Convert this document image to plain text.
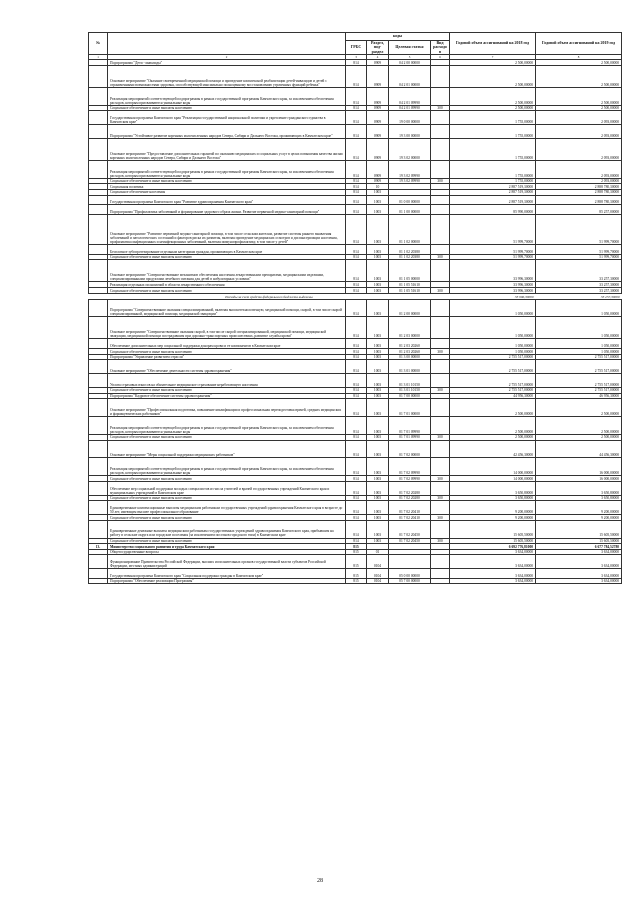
№		коды				Годовой объем ассигнований на 2018 год	Годовой объем ассигнований на 2019 год
		ГРБС	Раздел, под-раздел	Целевая статья	Вид расходов		
1	2	3	4	5	6	7	8
	Подпрограмма "Дети - инвалиды"	814	0909	04 2 00 00000		2 500,00000	2 500,00000
	Основное мероприятие "Оказание своевременной медицинской помощи и проведение комплексной реабилитации детей-инвалидов и детей с ограниченными возможностями здоровья, способствующей максимально полноценному восстановлению утраченных функций ребенка"	814	0909	04 2 01 00000		2 500,00000	2 500,00000
	Реализация мероприятий соответствующей подпрограммы в рамках государственной программы Камчатского края, за исключением обеспечения расходов, которым присваиваются уникальные коды	814	0909	04 2 01 09990		2 500,00000	2 500,00000
	Социальное обеспечение и иные выплаты населению	814	0909	04 2 01 09990	300	2 500,00000	2 500,00000
	Государственная программа Камчатского края "Реализация государственной национальной политики и укрепление гражданского единства в Камчатском крае"	814	0909	19 0 00 00000		1 755,00000	2 093,00000
	Подпрограмма "Устойчивое развитие коренных малочисленных народов Севера, Сибири и Дальнего Востока, проживающих в Камчатском крае"	814	0909	19 3 00 00000		1 755,00000	2 093,00000
	Основное мероприятие "Предоставление дополнительных гарантий по оказанию медицинских и социальных услуг в целях повышения качества жизни коренных малочисленных народов Севера, Сибири и Дальнего Востока"	814	0909	19 3 02 00000		1 755,00000	2 093,00000
	Реализация мероприятий соответствующей подпрограммы в рамках государственной программы Камчатского края, за исключением обеспечения расходов, которым присваиваются уникальные коды	814	0909	19 3 02 09990		1 755,00000	2 093,00000
	Социальное обеспечение и иные выплаты населению	814	0909	19 3 02 09990	300	1 755,00000	2 093,00000
	Социальная политика	814	10			2 887 519,30000	2 888 780,30000
	Социальное обеспечение населения	814	1003			2 887 519,30000	2 888 780,30000
	Государственная программа Камчатского края "Развитие здравоохранения Камчатского края"	814	1003	01 0 00 00000		2 887 519,30000	2 888 780,30000
	Подпрограмма "Профилактика заболеваний и формирование здорового образа жизни. Развитие первичной медико-санитарной помощи"	814	1003	01 1 00 00000		85 990,00000	85 257,00000
	Основное мероприятие "Развитие первичной медико-санитарной помощи, в том числе сельским жителям, развитие системы раннего выявления заболеваний и патологических состояний и факторов риска их развития, включая проведение медицинских осмотров и диспансеризации населения, профилактика инфекционных и неинфекционных заболеваний, включая иммунопрофилактику, в том числе у детей"	814	1003	01 1 02 00000		51 999,70000	51 999,70000
	Бесплатное зубопротезирование отдельным категориям граждан, проживающих в Камчатском крае	814	1003	01 1 02 20380		51 999,70000	51 999,70000
	Социальное обеспечение и иные выплаты населению	814	1003	01 1 02 20380	300	51 999,70000	51 999,70000
	Основное мероприятие "Совершенствование механизмов обеспечения населения лекарственными препаратами, медицинскими изделиями, специализированными продуктами лечебного питания для детей в амбулаторных условиях"	814	1003	01 1 05 00000		33 996,30000	33 257,30000
	Реализация отдельных полномочий в области лекарственного обеспечения	814	1003	01 1 05 51610		33 996,30000	33 257,30000
	Социальное обеспечение и иные выплаты населению	814	1003	01 1 05 51610	300	33 996,30000	33 257,30000
Расходы за счет средств федерального бюджета выделены						33 996,30000	33 257,30000
	Подпрограмма "Совершенствование оказания специализированной, включая высокотехнологичную, медицинской помощи, скорой, в том числе скорой специализированной, медицинской помощи, медицинской эвакуации"	814	1003	01 2 00 00000		1 050,00000	1 050,00000
	Основное мероприятие "Совершенствование оказания скорой, в том числе скорой специализированной, медицинской помощи, медицинской эвакуации, медицинской помощи пострадавшим при дорожно-транспортных происшествиях, развитие службы крови"	814	1003	01 2 03 00000		1 050,00000	1 050,00000
	Обеспечение дополнительных мер социальной поддержки донорам крови и ее компонентов в Камчатском крае	814	1003	01 2 03 20260		1 050,00000	1 050,00000
	Социальное обеспечение и иные выплаты населению	814	1003	01 2 03 20260	300	1 050,00000	1 050,00000
	Подпрограмма "Управление развитием отрасли"	814	1003	01 3 00 00000		2 755 517,00000	2 755 517,00000
	Основное мероприятие "Обеспечение деятельности системы здравоохранения"	814	1003	01 3 01 00000		2 755 517,00000	2 755 517,00000
	Уплата страховых взносов на обязательное медицинское страхование неработающего населения	814	1003	01 3 01 10150		2 755 517,00000	2 755 517,00000
	Социальное обеспечение и иные выплаты населению	814	1003	01 3 01 10150	300	2 755 517,00000	2 755 517,00000
	Подпрограмма "Кадровое обеспечение системы здравоохранения"	814	1003	01 7 00 00000		44 956,30000	46 956,30000
	Основное мероприятие "Профессиональная подготовка, повышение квалификации и профессиональная переподготовка врачей, средних медицинских и фармацевтических работников"	814	1003	01 7 01 00000		2 500,00000	2 500,00000
	Реализация мероприятий соответствующей подпрограммы в рамках государственной программы Камчатского края, за исключением обеспечения расходов, которым присваиваются уникальные коды	814	1003	01 7 01 09990		2 500,00000	2 500,00000
	Социальное обеспечение и иные выплаты населению	814	1003	01 7 01 09990	300	2 500,00000	2 500,00000
	Основное мероприятие "Меры социальной поддержки медицинских работников"	814	1003	01 7 02 00000		42 456,30000	44 456,30000
	Реализация мероприятий соответствующей подпрограммы в рамках государственной программы Камчатского края, за исключением обеспечения расходов, которым присваиваются уникальные коды	814	1003	01 7 02 09990		14 000,00000	16 000,00000
	Социальное обеспечение и иные выплаты населению	814	1003	01 7 02 09990	300	14 000,00000	16 000,00000
	Обеспечение мер социальной поддержки молодых специалистов из числа учителей и врачей государственных учреждений Камчатского края и муниципальных учреждений в Камчатском крае	814	1003	01 7 02 20280		3 650,80000	3 650,80000
	Социальное обеспечение и иные выплаты населению	814	1003	01 7 02 20280	300	3 650,80000	3 650,80000
	Единовременные компенсационные выплаты медицинским работникам государственных учреждений здравоохранения Камчатского края в возрасте до 50 лет, имеющим высшее профессиональное образование	814	1003	01 7 02 20410		9 200,00000	9 200,00000
	Социальное обеспечение и иные выплаты населению	814	1003	01 7 02 20410	300	9 200,00000	9 200,00000
	Единовременные денежные выплаты медицинским работникам государственных учреждений здравоохранения Камчатского края, прибывшим на работу в сельские округа или городские поселения (за исключением поселков городского типа) в Камчатском крае	814	1003	01 7 02 20450		15 605,50000	15 605,50000
	Социальное обеспечение и иные выплаты населению	814	1003	01 7 02 20450	300	15 605,50000	15 605,50000
13.	Министерство социального развития и труда Камчатского края	815				6 692 776,81000	6 677 784,52780
	Общегосударственные вопросы	815	01			3 634,00000	3 634,00000
	Функционирование Правительства Российской Федерации, высших исполнительных органов государственной власти субъектов Российской Федерации, местных администраций	815	0104			3 634,00000	3 634,00000
	Государственная программа Камчатского края "Социальная поддержка граждан в Камчатском крае"	815	0104	05 0 00 00000		3 634,00000	3 634,00000
	Подпрограмма "Обеспечение реализации Программы"	815	0104	05 7 00 00000		3 634,00000	3 634,00000
28
